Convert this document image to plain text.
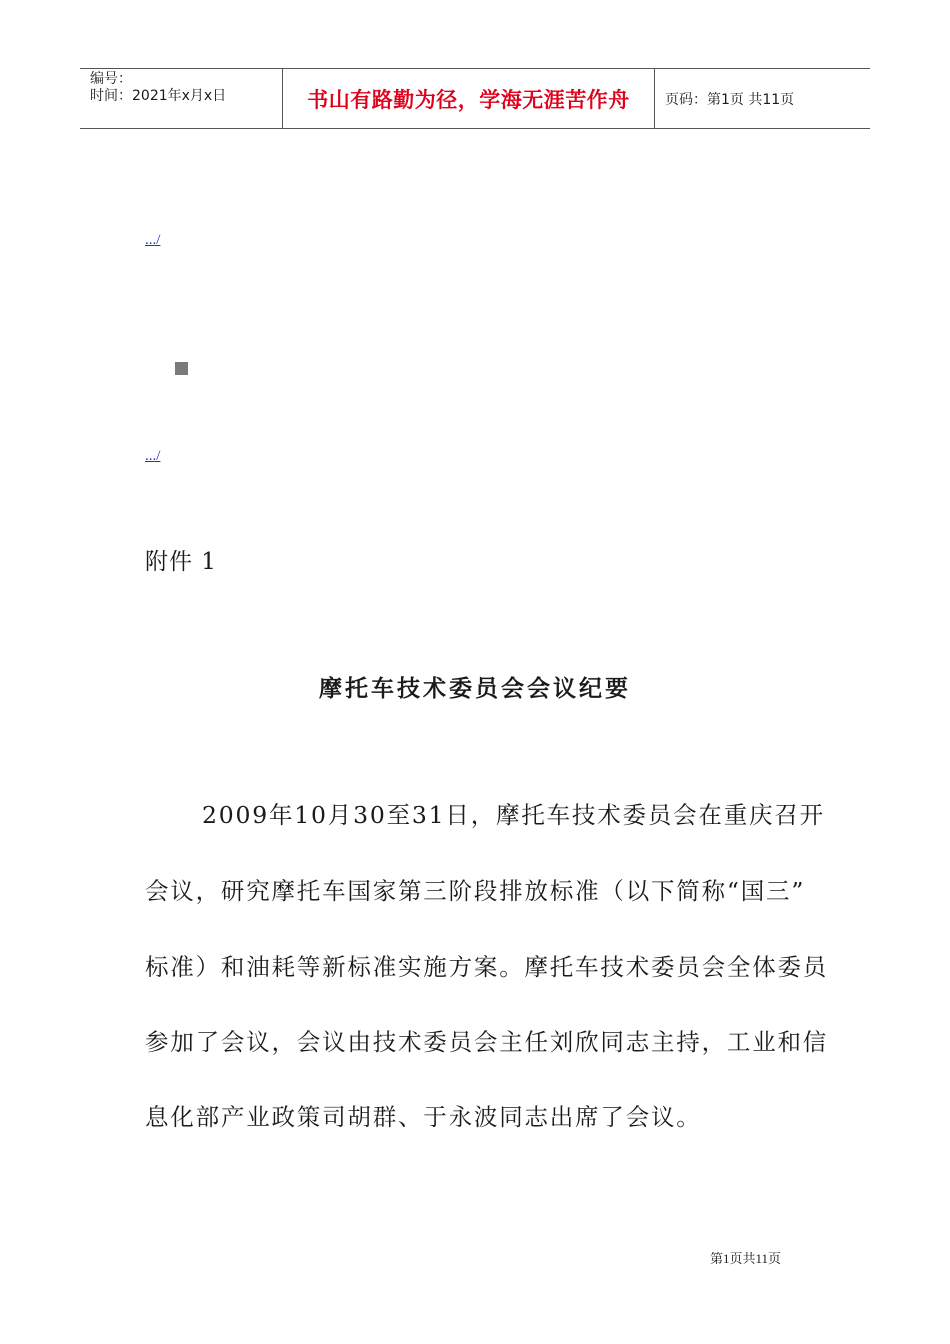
编号：
时间：2021年x月x日	书山有路勤为径，学海无涯苦作舟	页码：第1页 共11页
.../
.../
附件 1
摩托车技术委员会会议纪要
2009年10月30至31日，摩托车技术委员会在重庆召开
会议，研究摩托车国家第三阶段排放标准（以下简称“国三”
标准）和油耗等新标准实施方案。摩托车技术委员会全体委员
参加了会议，会议由技术委员会主任刘欣同志主持，工业和信
息化部产业政策司胡群、于永波同志出席了会议。
第1页共11页
